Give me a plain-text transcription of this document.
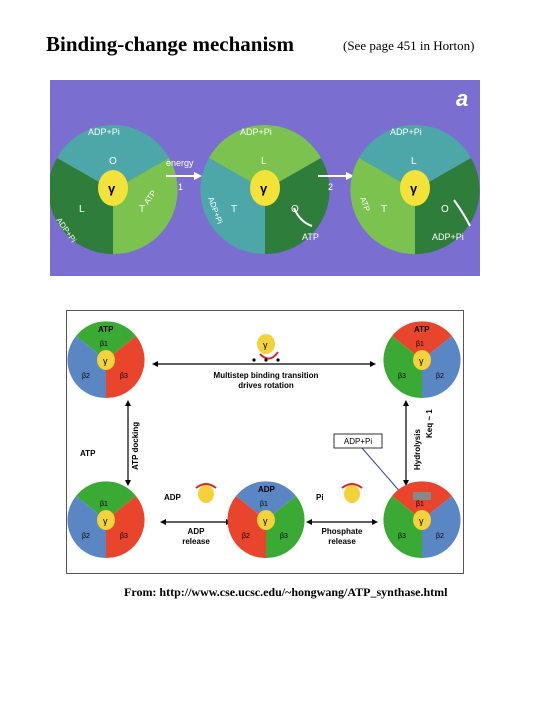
Binding-change mechanism	(See page 451 in Horton)
a
γ
O
L	T
ADP+Pi
ADP+Pi
ATP
energy
1	γ
L
T	O
ADP+Pi
ADP+Pi
ATP
2	γ
L
T	O
ADP+Pi
ATP
ADP+Pi
γ
ATP
β1
β2	β3
γ
Multistep binding transition
drives rotation
γ
ATP
β1
β3	β2
ATP	ATP docking	Hydrolysis
Keq ~ 1
ADP+Pi
γ
β1
β2	β3
ADP
ADP
release
γ
ADP
β1
β2	β3
Pi
Phosphate
release
γ
β1
β3	β2
From: http://www.cse.ucsc.edu/~hongwang/ATP_synthase.html
